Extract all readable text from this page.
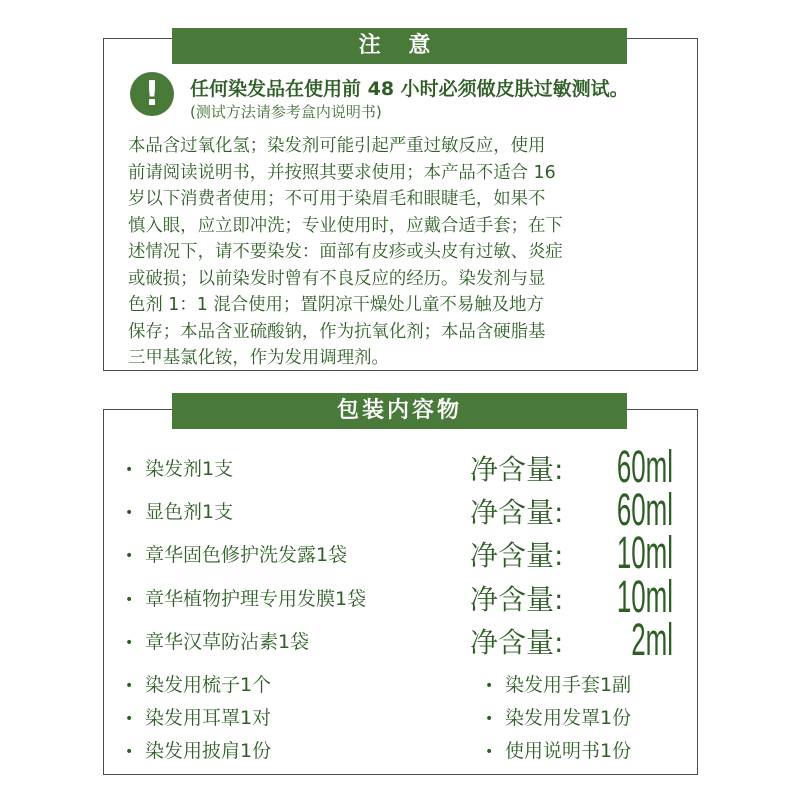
注 意
!	任何染发品在使用前 48 小时必须做皮肤过敏测试。
(测试方法请参考盒内说明书)
本品含过氧化氢；染发剂可能引起严重过敏反应，使用
前请阅读说明书，并按照其要求使用；本产品不适合 16
岁以下消费者使用；不可用于染眉毛和眼睫毛，如果不
慎入眼，应立即冲洗；专业使用时，应戴合适手套；在下
述情况下，请不要染发：面部有皮疹或头皮有过敏、炎症
或破损；以前染发时曾有不良反应的经历。染发剂与显
色剂 1：1 混合使用；置阴凉干燥处儿童不易触及地方
保存；本品含亚硫酸钠，作为抗氧化剂；本品含硬脂基
三甲基氯化铵，作为发用调理剂。
包装内容物
• 染发剂1支	净含量: 60ml
• 显色剂1支	净含量: 60ml
• 章华固色修护洗发露1袋	净含量: 10ml
• 章华植物护理专用发膜1袋	净含量: 10ml
• 章华汉草防沾素1袋	净含量: 2ml
• 染发用梳子1个
• 染发用耳罩1对
• 染发用披肩1份
• 染发用手套1副
• 染发用发罩1份
• 使用说明书1份
